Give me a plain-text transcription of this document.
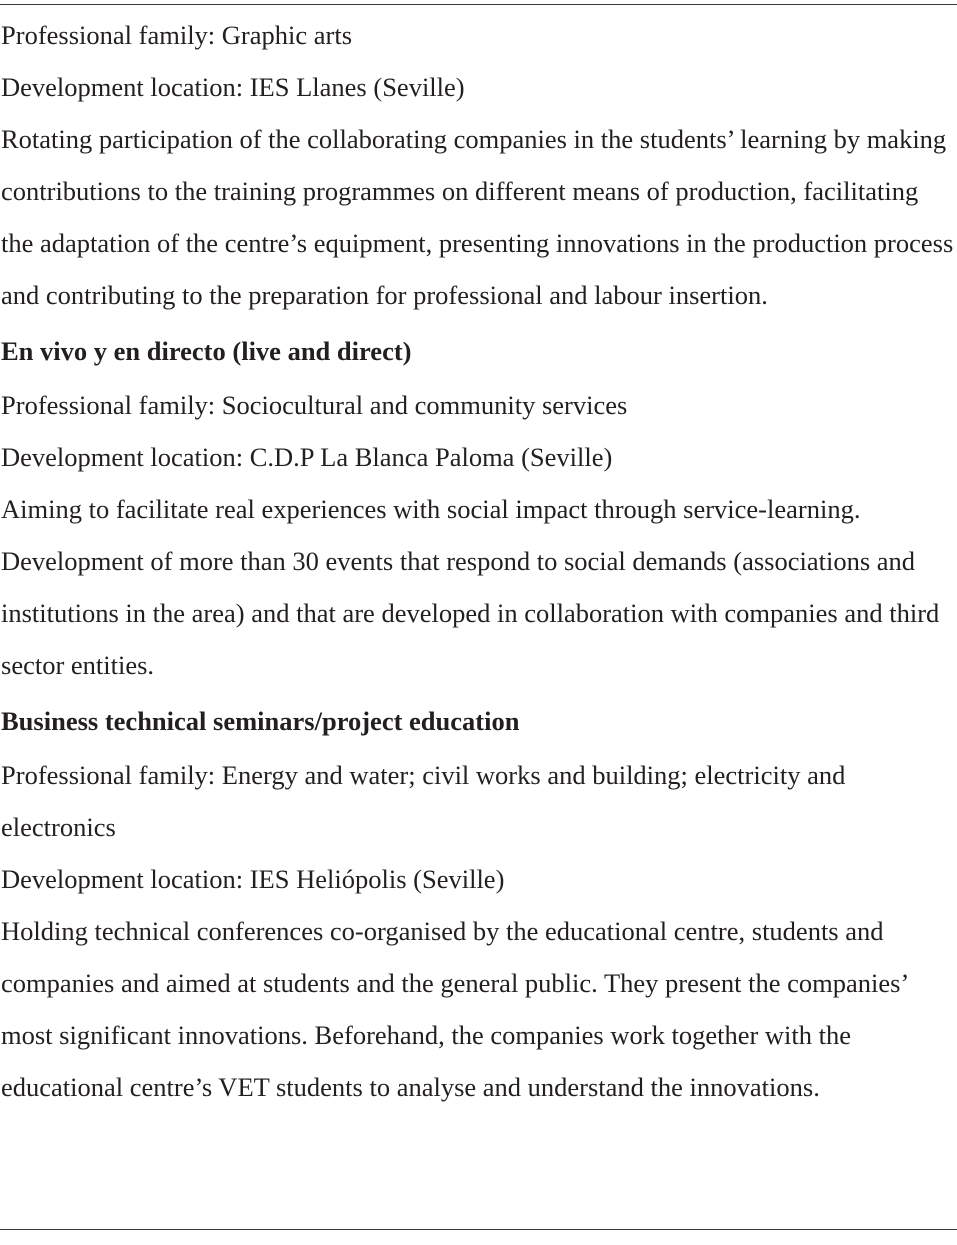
Professional family: Graphic arts

Development location: IES Llanes (Seville)

Rotating participation of the collaborating companies in the students’ learning by making contributions to the training programmes on different means of production, facilitating the adaptation of the centre’s equipment, presenting innovations in the production process and contributing to the preparation for professional and labour insertion.

En vivo y en directo (live and direct)

Professional family: Sociocultural and community services

Development location: C.D.P La Blanca Paloma (Seville)

Aiming to facilitate real experiences with social impact through service-learning. Development of more than 30 events that respond to social demands (associations and institutions in the area) and that are developed in collaboration with companies and third sector entities.

Business technical seminars/project education

Professional family: Energy and water; civil works and building; electricity and electronics

Development location: IES Heliópolis (Seville)

Holding technical conferences co-organised by the educational centre, students and companies and aimed at students and the general public. They present the companies’ most significant innovations. Beforehand, the companies work together with the educational centre’s VET students to analyse and understand the innovations.
